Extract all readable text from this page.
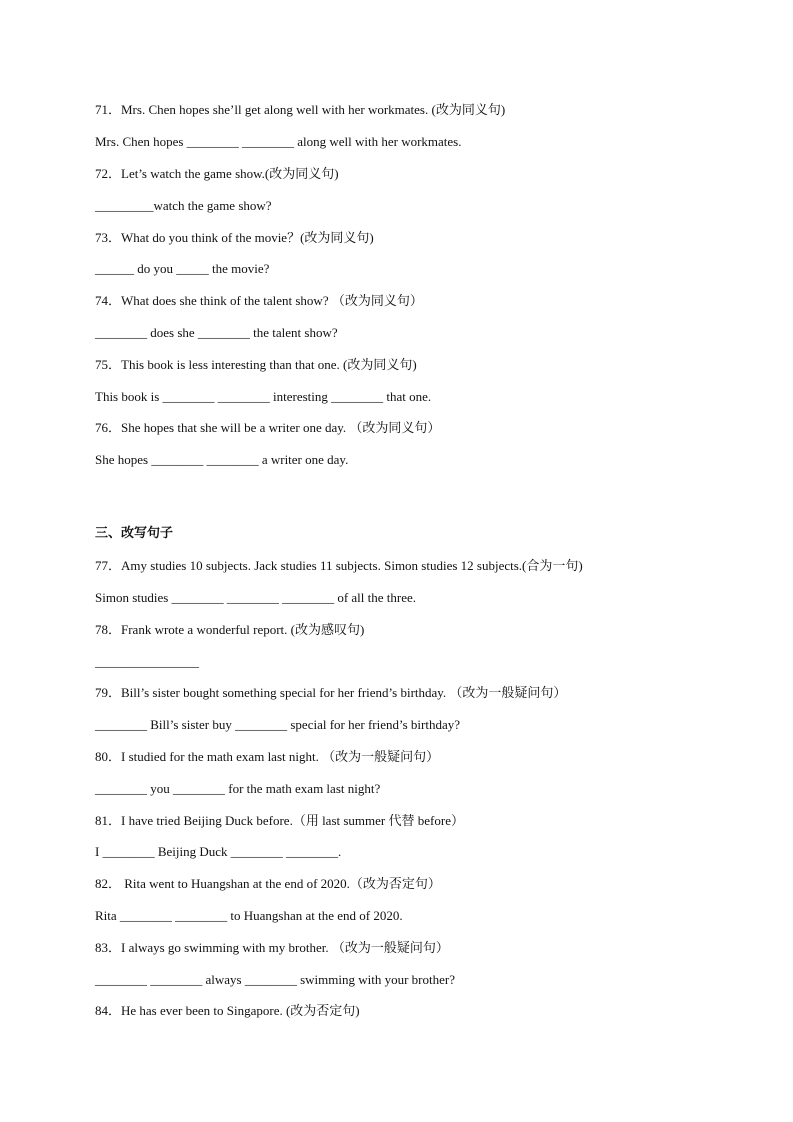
71．Mrs. Chen hopes she’ll get along well with her workmates. (改为同义句)
Mrs. Chen hopes ________ ________ along well with her workmates.
72．Let’s watch the game show.(改为同义句)
_________watch the game show?
73．What do you think of the movie？(改为同义句)
______ do you _____ the movie?
74．What does she think of the talent show? （改为同义句）
________ does she ________ the talent show?
75．This book is less interesting than that one. (改为同义句)
This book is ________ ________ interesting ________ that one.
76．She hopes that she will be a writer one day. （改为同义句）
She hopes ________ ________ a writer one day.
三、改写句子
77．Amy studies 10 subjects. Jack studies 11 subjects. Simon studies 12 subjects.(合为一句)
Simon studies ________ ________ ________ of all the three.
78．Frank wrote a wonderful report. (改为感叹句)
________________
79．Bill’s sister bought something special for her friend’s birthday. （改为一般疑问句）
________ Bill’s sister buy ________ special for her friend’s birthday?
80．I studied for the math exam last night. （改为一般疑问句）
________ you ________ for the math exam last night?
81．I have tried Beijing Duck before.（用 last summer 代替 before）
I ________ Beijing Duck ________ ________.
82． Rita went to Huangshan at the end of 2020.（改为否定句）
Rita ________ ________ to Huangshan at the end of 2020.
83．I always go swimming with my brother. （改为一般疑问句）
________ ________ always ________ swimming with your brother?
84．He has ever been to Singapore. (改为否定句)
